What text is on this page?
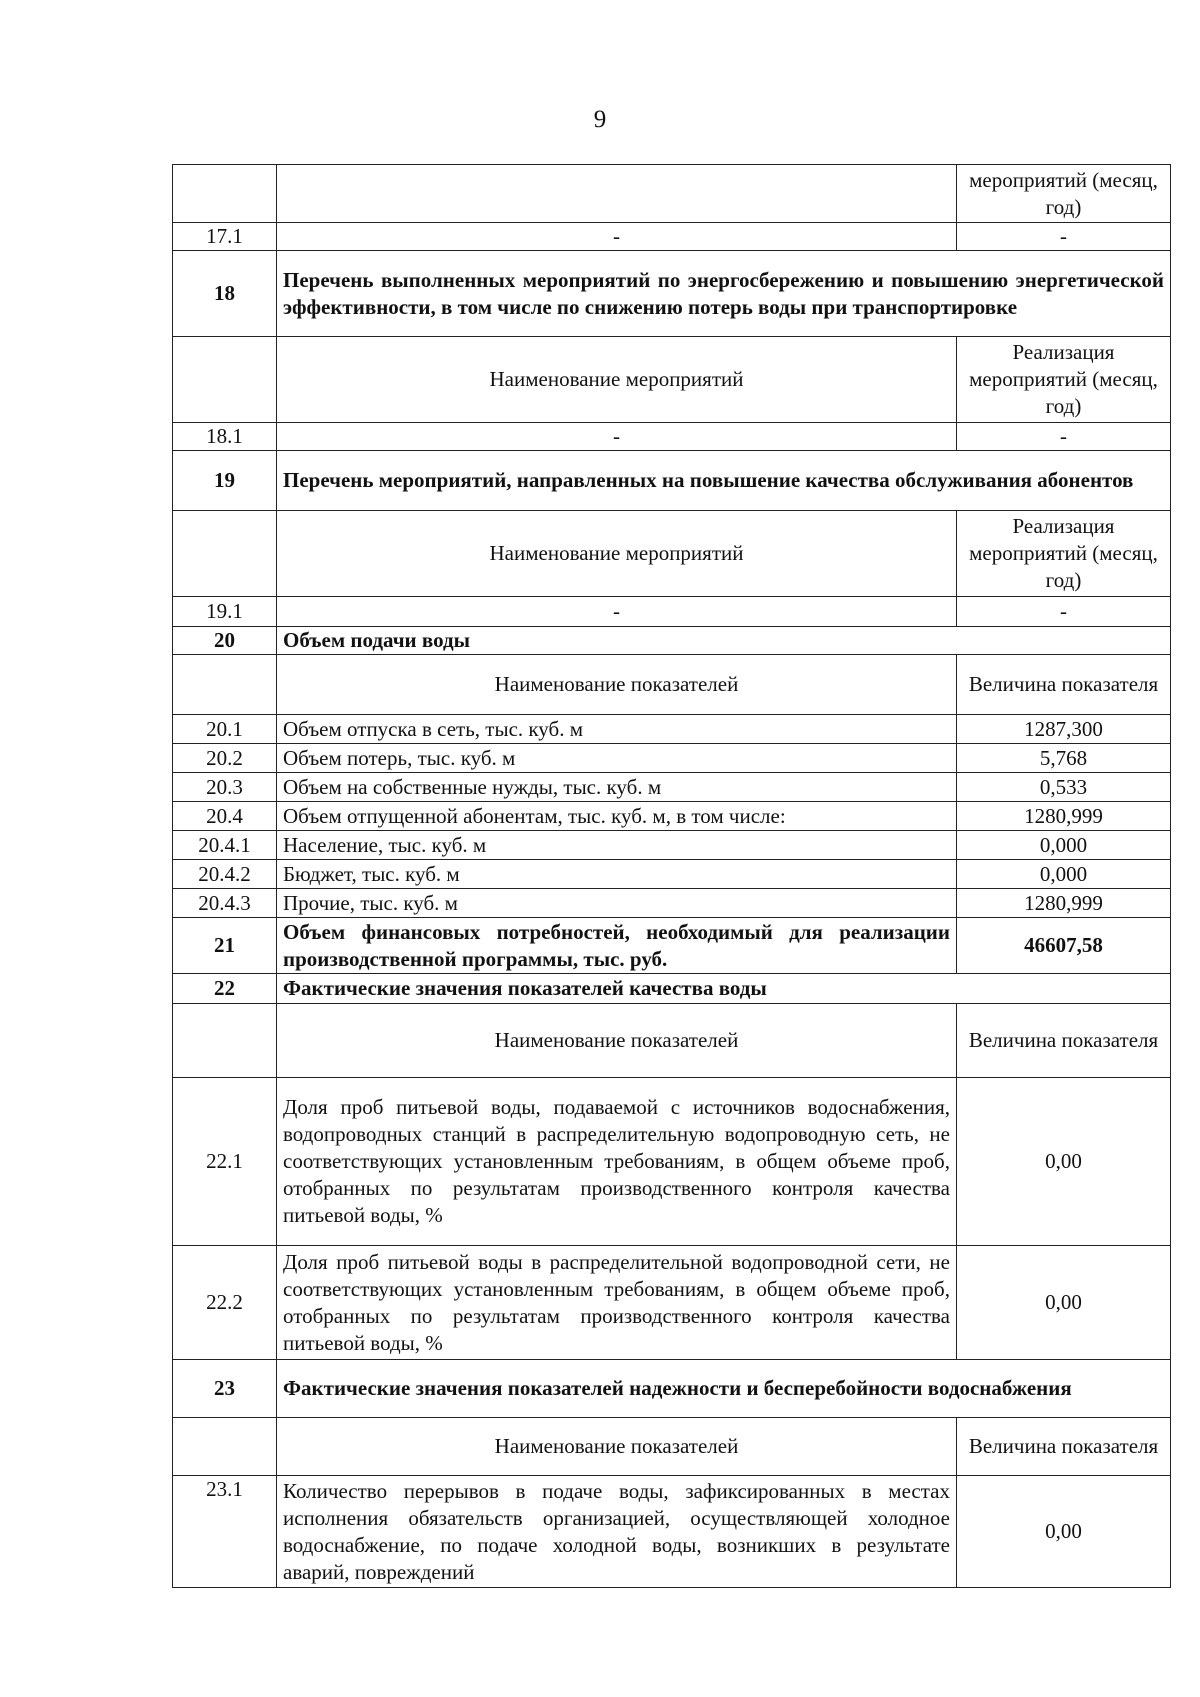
9
		мероприятий (месяц, год)
17.1	-	-
18	Перечень выполненных мероприятий по энергосбережению и повышению энергетической эффективности, в том числе по снижению потерь воды при транспортировке	
	Наименование мероприятий	Реализация мероприятий (месяц, год)
18.1	-	-
19	Перечень мероприятий, направленных на повышение качества обслуживания абонентов	
	Наименование мероприятий	Реализация мероприятий (месяц, год)
19.1	-	-
20	Объем подачи воды	
	Наименование показателей	Величина показателя
20.1	Объем отпуска в сеть, тыс. куб. м	1287,300
20.2	Объем потерь, тыс. куб. м	5,768
20.3	Объем на собственные нужды, тыс. куб. м	0,533
20.4	Объем отпущенной абонентам, тыс. куб. м, в том числе:	1280,999
20.4.1	Население, тыс. куб. м	0,000
20.4.2	Бюджет, тыс. куб. м	0,000
20.4.3	Прочие, тыс. куб. м	1280,999
21	Объем финансовых потребностей, необходимый для реализации производственной программы, тыс. руб.	46607,58
22	Фактические значения показателей качества воды	
	Наименование показателей	Величина показателя
22.1	Доля проб питьевой воды, подаваемой с источников водоснабжения, водопроводных станций в распределительную водопроводную сеть, не соответствующих установленным требованиям, в общем объеме проб, отобранных по результатам производственного контроля качества питьевой воды, %	0,00
22.2	Доля проб питьевой воды в распределительной водопроводной сети, не соответствующих установленным требованиям, в общем объеме проб, отобранных по результатам производственного контроля качества питьевой воды, %	0,00
23	Фактические значения показателей надежности и бесперебойности водоснабжения	
	Наименование показателей	Величина показателя
23.1	Количество перерывов в подаче воды, зафиксированных в местах исполнения обязательств организацией, осуществляющей холодное водоснабжение, по подаче холодной воды, возникших в результате аварий, повреждений	0,00
